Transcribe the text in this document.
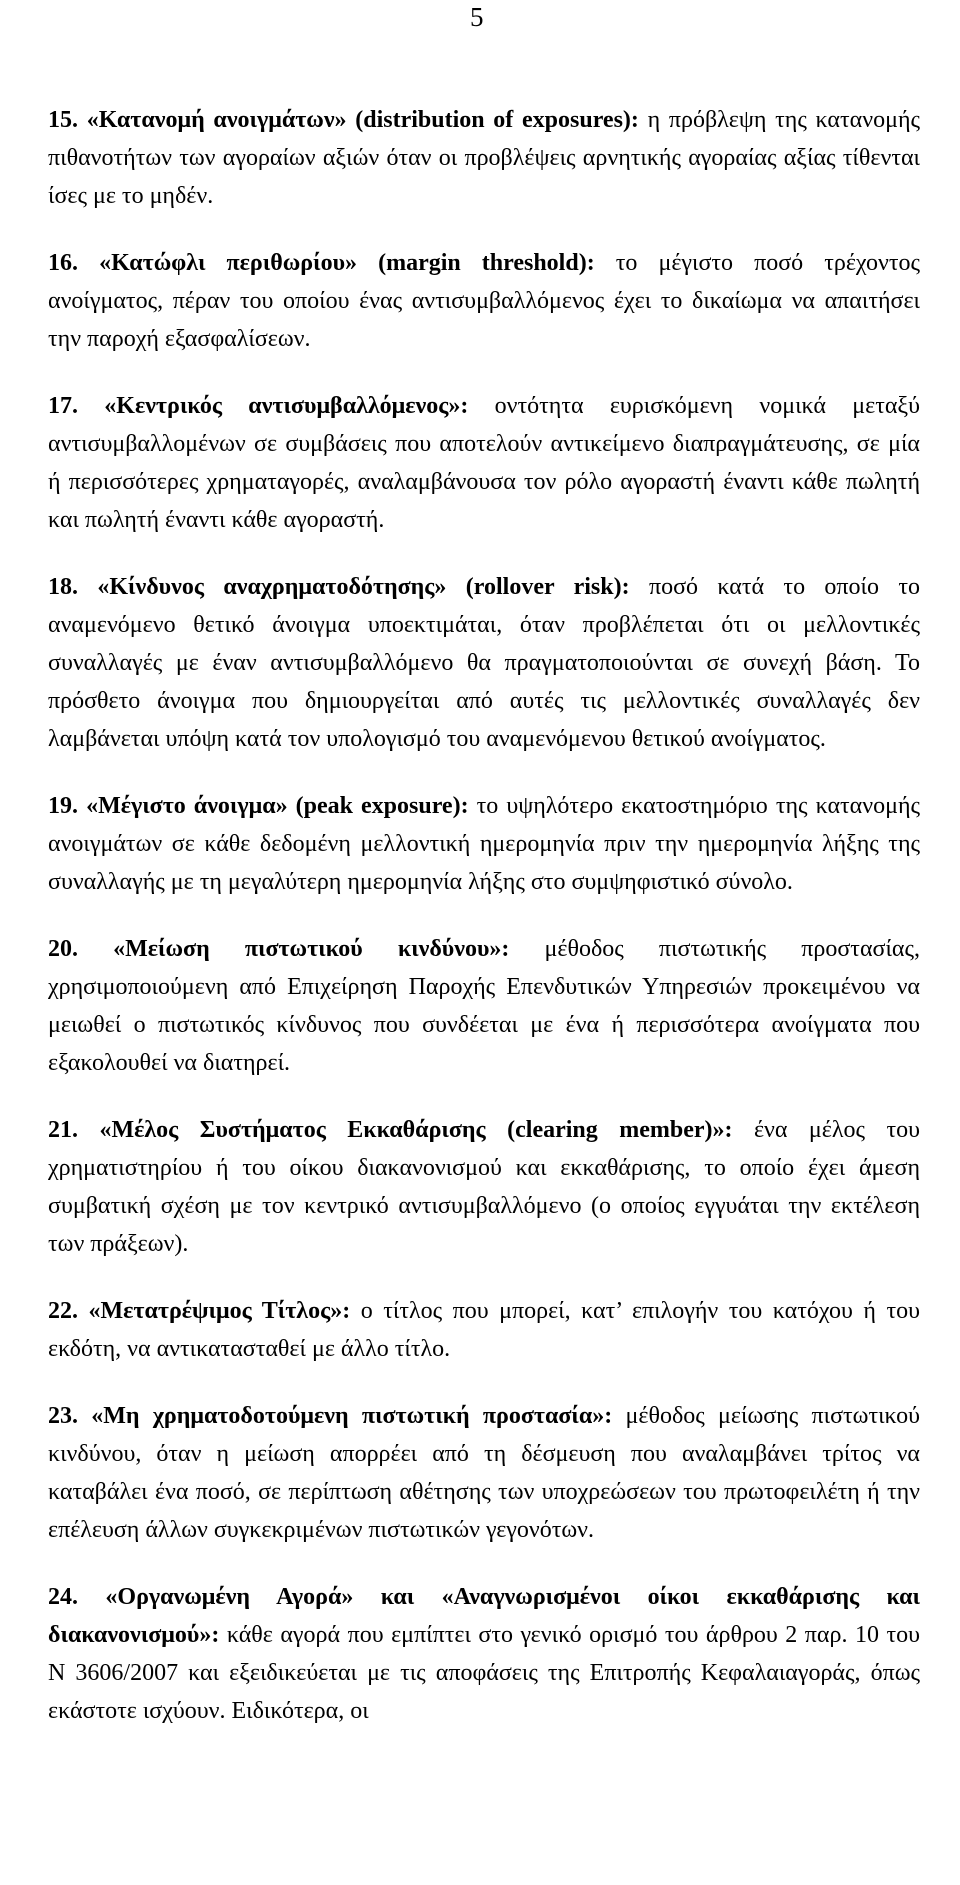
5

15. «Κατανομή ανοιγμάτων» (distribution of exposures): η πρόβλεψη της κατανομής πιθανοτήτων των αγοραίων αξιών όταν οι προβλέψεις αρνητικής αγοραίας αξίας τίθενται ίσες με το μηδέν.

16. «Κατώφλι περιθωρίου» (margin threshold): το μέγιστο ποσό τρέχοντος ανοίγματος, πέραν του οποίου ένας αντισυμβαλλόμενος έχει το δικαίωμα να απαιτήσει την παροχή εξασφαλίσεων.

17. «Κεντρικός αντισυμβαλλόμενος»: οντότητα ευρισκόμενη νομικά μεταξύ αντισυμβαλλομένων σε συμβάσεις που αποτελούν αντικείμενο διαπραγμάτευσης, σε μία ή περισσότερες χρηματαγορές, αναλαμβάνουσα τον ρόλο αγοραστή έναντι κάθε πωλητή και πωλητή έναντι κάθε αγοραστή.

18. «Κίνδυνος αναχρηματοδότησης» (rollover risk): ποσό κατά το οποίο το αναμενόμενο θετικό άνοιγμα υποεκτιμάται, όταν προβλέπεται ότι οι μελλοντικές συναλλαγές με έναν αντισυμβαλλόμενο θα πραγματοποιούνται σε συνεχή βάση. Το πρόσθετο άνοιγμα που δημιουργείται από αυτές τις μελλοντικές συναλλαγές δεν λαμβάνεται υπόψη κατά τον υπολογισμό του αναμενόμενου θετικού ανοίγματος.

19. «Μέγιστο άνοιγμα» (peak exposure): το υψηλότερο εκατοστημόριο της κατανομής ανοιγμάτων σε κάθε δεδομένη μελλοντική ημερομηνία πριν την ημερομηνία λήξης της συναλλαγής με τη μεγαλύτερη ημερομηνία λήξης στο συμψηφιστικό σύνολο.

20. «Μείωση πιστωτικού κινδύνου»: μέθοδος πιστωτικής προστασίας, χρησιμοποιούμενη από Επιχείρηση Παροχής Επενδυτικών Υπηρεσιών προκειμένου να μειωθεί ο πιστωτικός κίνδυνος που συνδέεται με ένα ή περισσότερα ανοίγματα που εξακολουθεί να διατηρεί.

21. «Μέλος Συστήματος Εκκαθάρισης (clearing member)»: ένα μέλος του χρηματιστηρίου ή του οίκου διακανονισμού και εκκαθάρισης, το οποίο έχει άμεση συμβατική σχέση με τον κεντρικό αντισυμβαλλόμενο (ο οποίος εγγυάται την εκτέλεση των πράξεων).

22. «Μετατρέψιμος Τίτλος»: ο τίτλος που μπορεί, κατ’ επιλογήν του κατόχου ή του εκδότη, να αντικατασταθεί με άλλο τίτλο.

23. «Μη χρηματοδοτούμενη πιστωτική προστασία»: μέθοδος μείωσης πιστωτικού κινδύνου, όταν η μείωση απορρέει από τη δέσμευση που αναλαμβάνει τρίτος να καταβάλει ένα ποσό, σε περίπτωση αθέτησης των υποχρεώσεων του πρωτοφειλέτη ή την επέλευση άλλων συγκεκριμένων πιστωτικών γεγονότων.

24. «Οργανωμένη Αγορά» και «Αναγνωρισμένοι οίκοι εκκαθάρισης και διακανονισμού»: κάθε αγορά που εμπίπτει στο γενικό ορισμό του άρθρου 2 παρ. 10 του Ν 3606/2007 και εξειδικεύεται με τις αποφάσεις της Επιτροπής Κεφαλαιαγοράς, όπως εκάστοτε ισχύουν. Ειδικότερα, οι
